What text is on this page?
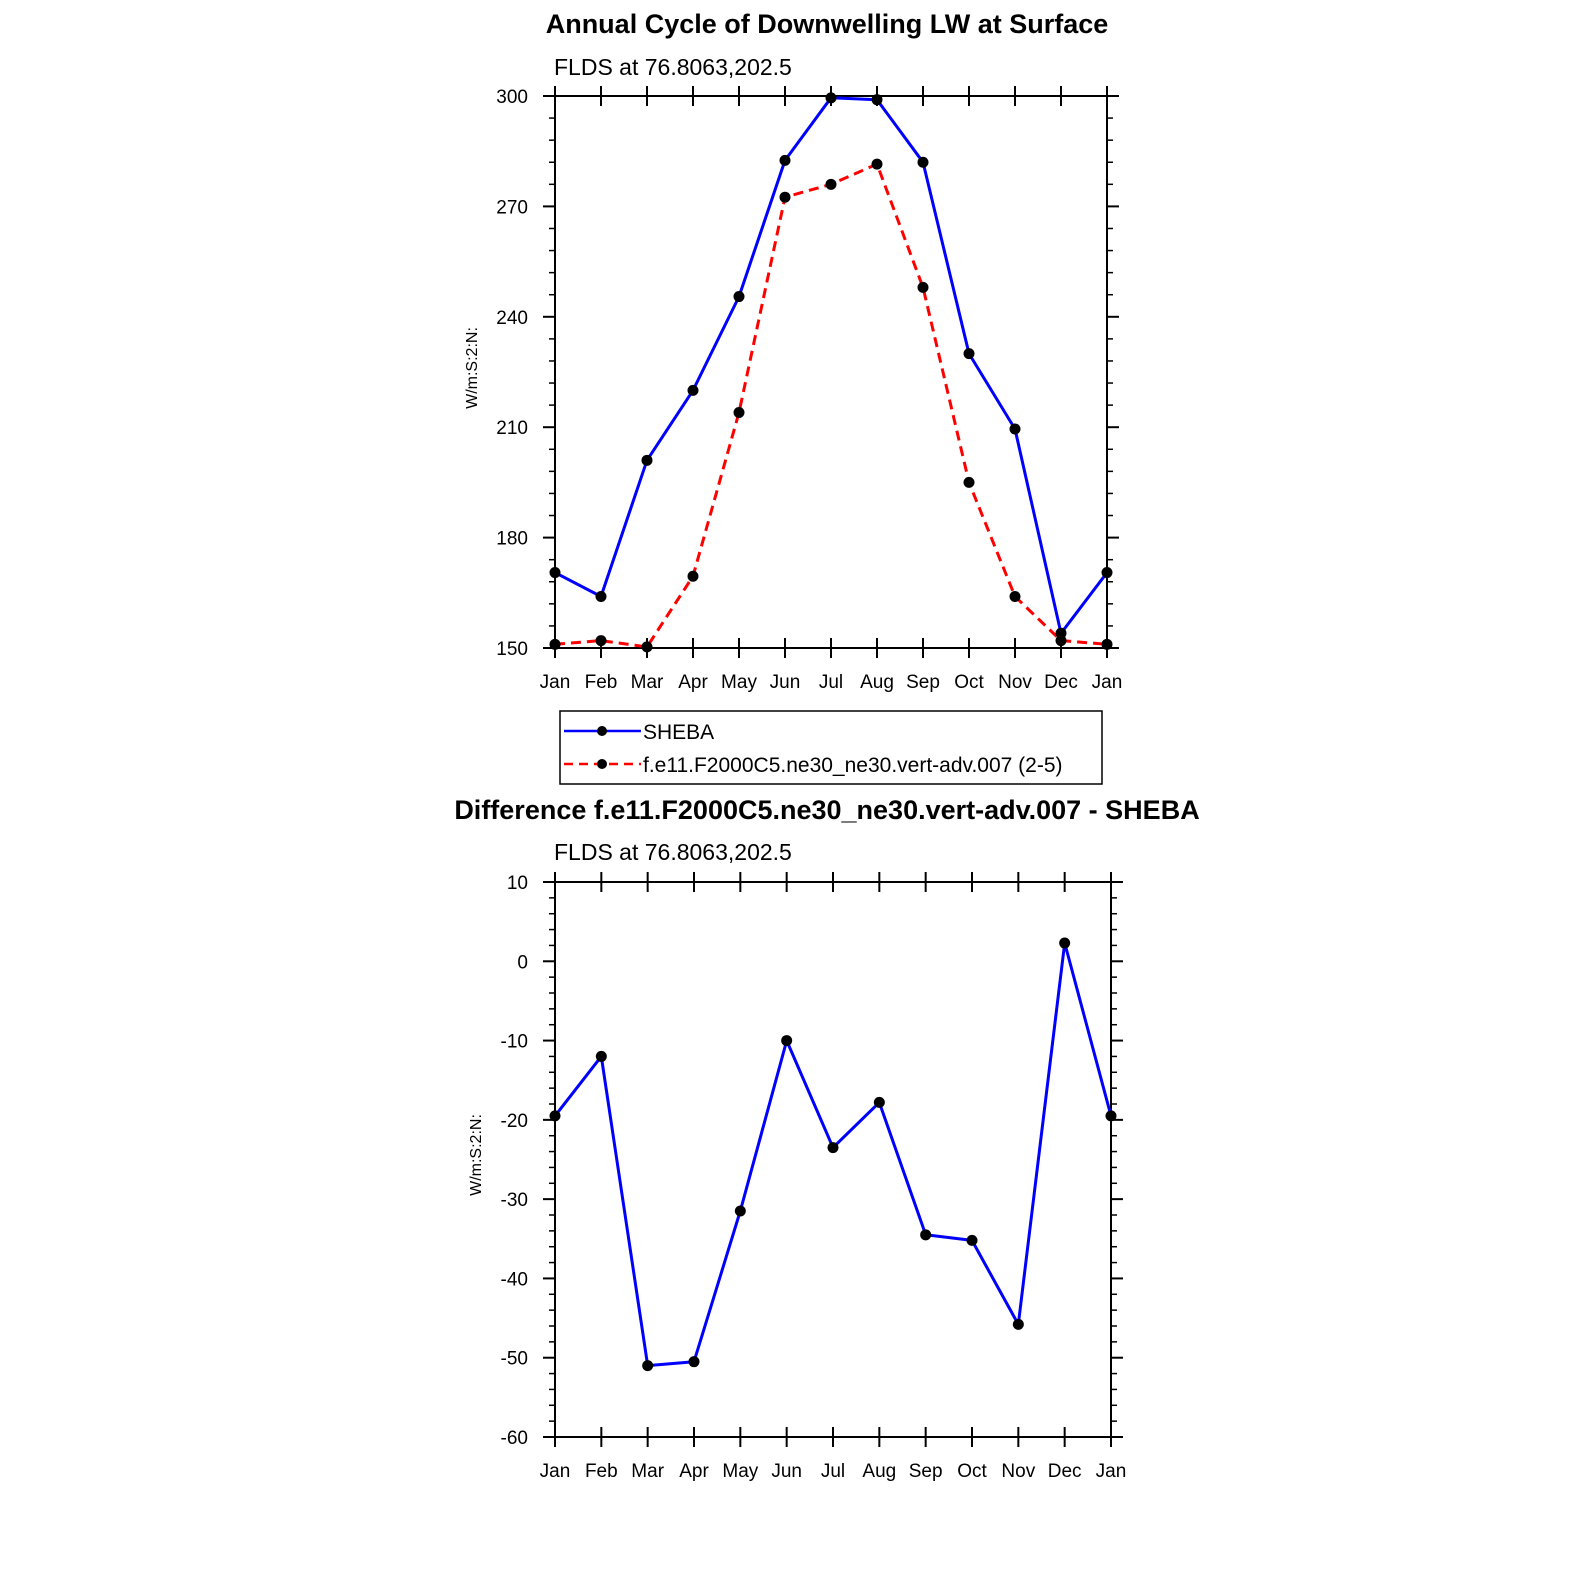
Annual Cycle of Downwelling LW at Surface
FLDS at 76.8063,202.5
W/m:S:2:N:
150
180
210
240
270
300
Jan Feb Mar Apr May Jun Jul Aug Sep Oct Nov Dec Jan
SHEBA
f.e11.F2000C5.ne30_ne30.vert-adv.007 (2-5)
Difference f.e11.F2000C5.ne30_ne30.vert-adv.007 - SHEBA
FLDS at 76.8063,202.5
W/m:S:2:N:
-60
-50
-40
-30
-20
-10
0
10
Jan Feb Mar Apr May Jun Jul Aug Sep Oct Nov Dec Jan
